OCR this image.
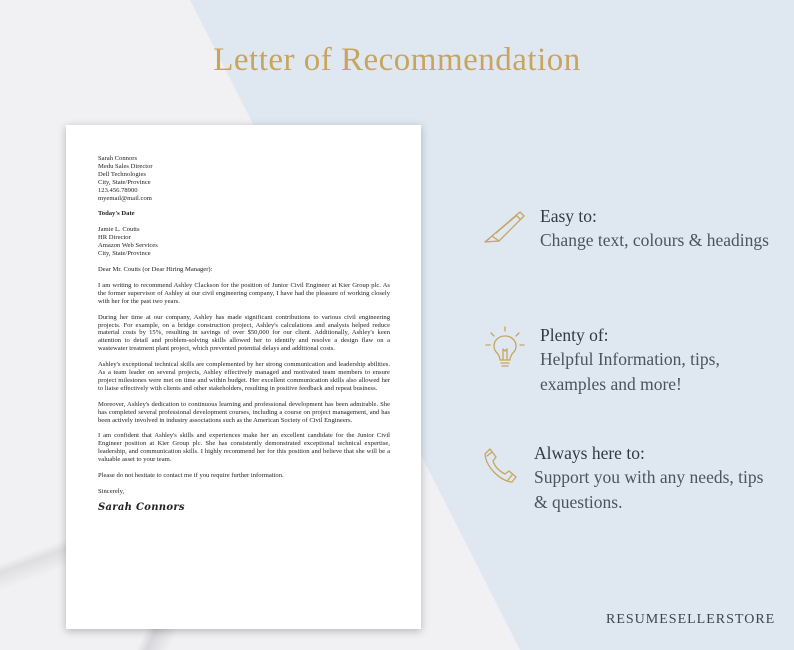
Letter of Recommendation
Sarah Connors
Medu Sales Director
Dell Technologies
City, State/Province
123.456.78900
myemail@mail.com
Today's Date
Jamie L. Coutts
HR Director
Amazon Web Services
City, State/Province

Dear Mr. Coutts (or Dear Hiring Manager):

I am writing to recommend Ashley Clackson for the position of Junior Civil Engineer at Kier Group plc. As the former supervisor of Ashley at our civil engineering company, I have had the pleasure of working closely with her for the past two years.

During her time at our company, Ashley has made significant contributions to various civil engineering projects. For example, on a bridge construction project, Ashley's calculations and analysis helped reduce material costs by 15%, resulting in savings of over $50,000 for our client. Additionally, Ashley's keen attention to detail and problem-solving skills allowed her to identify and resolve a design flaw on a wastewater treatment plant project, which prevented potential delays and additional costs.

Ashley's exceptional technical skills are complemented by her strong communication and leadership abilities. As a team leader on several projects, Ashley effectively managed and motivated team members to ensure project milestones were met on time and within budget. Her excellent communication skills also allowed her to liaise effectively with clients and other stakeholders, resulting in positive feedback and repeat business.

Moreover, Ashley's dedication to continuous learning and professional development has been admirable. She has completed several professional development courses, including a course on project management, and has been actively involved in industry associations such as the American Society of Civil Engineers.

I am confident that Ashley's skills and experiences make her an excellent candidate for the Junior Civil Engineer position at Kier Group plc. She has consistently demonstrated exceptional technical expertise, leadership, and communication skills. I highly recommend her for this position and believe that she will be a valuable asset to your team.

Please do not hesitate to contact me if you require further information.

Sincerely,

Sarah Connors
Easy to:
Change text, colours & headings
Plenty of:
Helpful Information, tips, examples and more!
Always here to:
Support you with any needs, tips & questions.
RESUMESELLERSTORE
